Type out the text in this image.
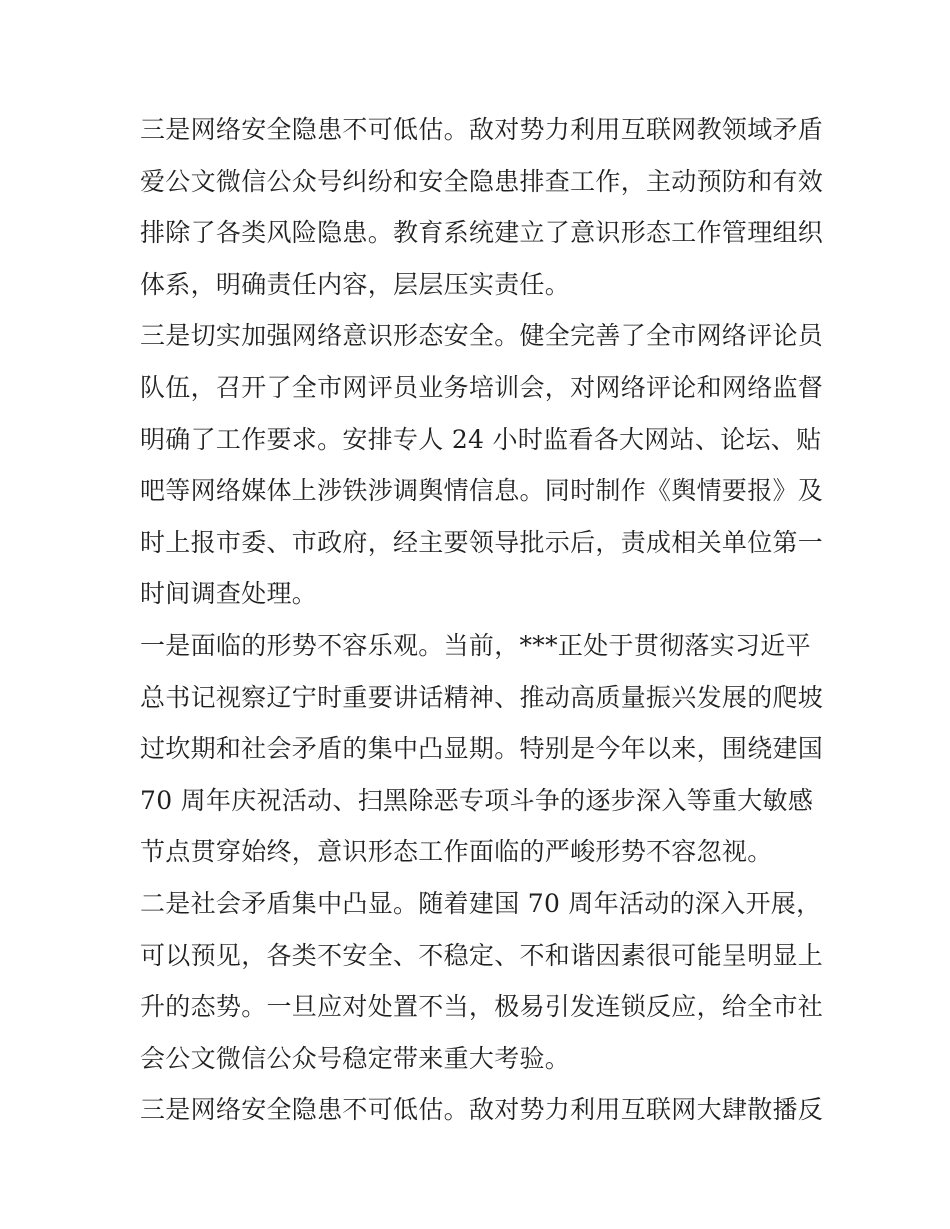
三是网络安全隐患不可低估。敌对势力利用互联网教领域矛盾
爱公文微信公众号纠纷和安全隐患排查工作，主动预防和有效
排除了各类风险隐患。教育系统建立了意识形态工作管理组织
体系，明确责任内容，层层压实责任。
三是切实加强网络意识形态安全。健全完善了全市网络评论员
队伍，召开了全市网评员业务培训会，对网络评论和网络监督
明确了工作要求。安排专人 24 小时监看各大网站、论坛、贴
吧等网络媒体上涉铁涉调舆情信息。同时制作《舆情要报》及
时上报市委、市政府，经主要领导批示后，责成相关单位第一
时间调查处理。
一是面临的形势不容乐观。当前，***正处于贯彻落实习近平
总书记视察辽宁时重要讲话精神、推动高质量振兴发展的爬坡
过坎期和社会矛盾的集中凸显期。特别是今年以来，围绕建国
70 周年庆祝活动、扫黑除恶专项斗争的逐步深入等重大敏感
节点贯穿始终，意识形态工作面临的严峻形势不容忽视。
二是社会矛盾集中凸显。随着建国 70 周年活动的深入开展，
可以预见，各类不安全、不稳定、不和谐因素很可能呈明显上
升的态势。一旦应对处置不当，极易引发连锁反应，给全市社
会公文微信公众号稳定带来重大考验。
三是网络安全隐患不可低估。敌对势力利用互联网大肆散播反
